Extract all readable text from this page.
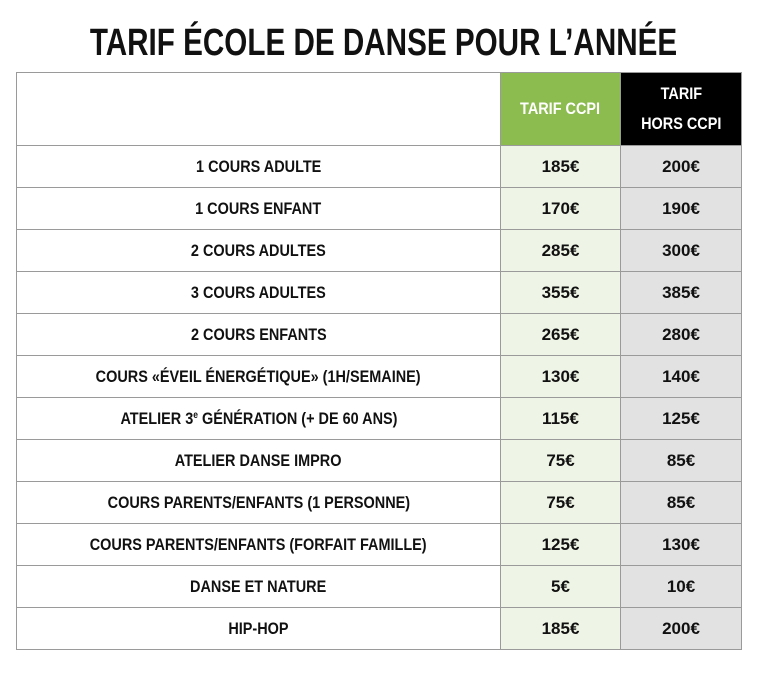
TARIF ÉCOLE DE DANSE POUR L’ANNÉE
	TARIF CCPI	TARIF
HORS CCPI
1 COURS ADULTE	185€	200€
1 COURS ENFANT	170€	190€
2 COURS ADULTES	285€	300€
3 COURS ADULTES	355€	385€
2 COURS ENFANTS	265€	280€
COURS «ÉVEIL ÉNERGÉTIQUE» (1H/SEMAINE)	130€	140€
ATELIER 3e GÉNÉRATION (+ DE 60 ANS)	115€	125€
ATELIER DANSE IMPRO	75€	85€
COURS PARENTS/ENFANTS (1 PERSONNE)	75€	85€
COURS PARENTS/ENFANTS (FORFAIT FAMILLE)	125€	130€
DANSE ET NATURE	5€	10€
HIP-HOP	185€	200€
